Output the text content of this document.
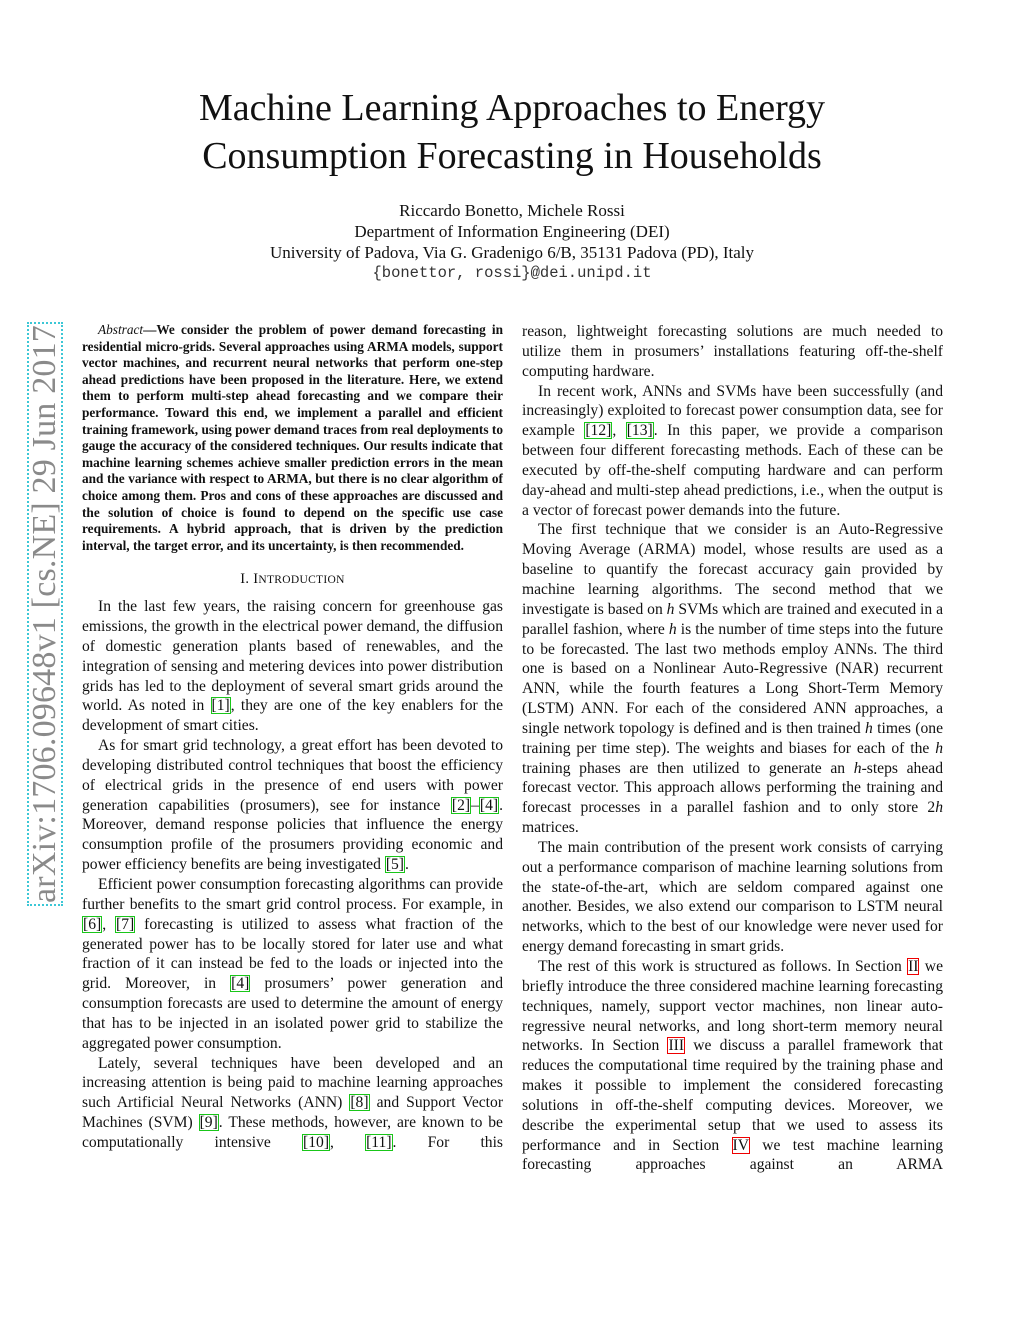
Machine Learning Approaches to Energy
Consumption Forecasting in Households
Riccardo Bonetto, Michele Rossi
Department of Information Engineering (DEI)
University of Padova, Via G. Gradenigo 6/B, 35131 Padova (PD), Italy
{bonettor, rossi}@dei.unipd.it
arXiv:1706.09648v1 [cs.NE] 29 Jun 2017	Abstract—We consider the problem of power demand forecasting in residential micro-grids. Several approaches using ARMA models, support vector machines, and recurrent neural networks that perform one-step ahead predictions have been proposed in the literature. Here, we extend them to perform multi-step ahead forecasting and we compare their performance. Toward this end, we implement a parallel and efficient training framework, using power demand traces from real deployments to gauge the accuracy of the considered techniques. Our results indicate that machine learning schemes achieve smaller prediction errors in the mean and the variance with respect to ARMA, but there is no clear algorithm of choice among them. Pros and cons of these approaches are discussed and the solution of choice is found to depend on the specific use case requirements. A hybrid approach, that is driven by the prediction interval, the target error, and its uncertainty, is then recommended.

I. INTRODUCTION

In the last few years, the raising concern for greenhouse gas emissions, the growth in the electrical power demand, the diffusion of domestic generation plants based of renewables, and the integration of sensing and metering devices into power distribution grids has led to the deployment of several smart grids around the world. As noted in [1], they are one of the key enablers for the development of smart cities.

As for smart grid technology, a great effort has been devoted to developing distributed control techniques that boost the efficiency of electrical grids in the presence of end users with power generation capabilities (prosumers), see for instance [2]–[4]. Moreover, demand response policies that influence the energy consumption profile of the prosumers providing economic and power efficiency benefits are being investigated [5].

Efficient power consumption forecasting algorithms can provide further benefits to the smart grid control process. For example, in [6], [7] forecasting is utilized to assess what fraction of the generated power has to be locally stored for later use and what fraction of it can instead be fed to the loads or injected into the grid. Moreover, in [4] prosumers’ power generation and consumption forecasts are used to determine the amount of energy that has to be injected in an isolated power grid to stabilize the aggregated power consumption.

Lately, several techniques have been developed and an increasing attention is being paid to machine learning approaches such Artificial Neural Networks (ANN) [8] and Support Vector Machines (SVM) [9]. These methods, however, are known to be computationally intensive [10], [11]. For this

reason, lightweight forecasting solutions are much needed to utilize them in prosumers’ installations featuring off-the-shelf computing hardware.

In recent work, ANNs and SVMs have been successfully (and increasingly) exploited to forecast power consumption data, see for example [12], [13]. In this paper, we provide a comparison between four different forecasting methods. Each of these can be executed by off-the-shelf computing hardware and can perform day-ahead and multi-step ahead predictions, i.e., when the output is a vector of forecast power demands into the future.

The first technique that we consider is an Auto-Regressive Moving Average (ARMA) model, whose results are used as a baseline to quantify the forecast accuracy gain provided by machine learning algorithms. The second method that we investigate is based on h SVMs which are trained and executed in a parallel fashion, where h is the number of time steps into the future to be forecasted. The last two methods employ ANNs. The third one is based on a Nonlinear Auto-Regressive (NAR) recurrent ANN, while the fourth features a Long Short-Term Memory (LSTM) ANN. For each of the considered ANN approaches, a single network topology is defined and is then trained h times (one training per time step). The weights and biases for each of the h training phases are then utilized to generate an h-steps ahead forecast vector. This approach allows performing the training and forecast processes in a parallel fashion and to only store 2h matrices.

The main contribution of the present work consists of carrying out a performance comparison of machine learning solutions from the state-of-the-art, which are seldom compared against one another. Besides, we also extend our comparison to LSTM neural networks, which to the best of our knowledge were never used for energy demand forecasting in smart grids.

The rest of this work is structured as follows. In Section II we briefly introduce the three considered machine learning forecasting techniques, namely, support vector machines, non linear auto-regressive neural networks, and long short-term memory neural networks. In Section III we discuss a parallel framework that reduces the computational time required by the training phase and makes it possible to implement the considered forecasting solutions in off-the-shelf computing devices. Moreover, we describe the experimental setup that we used to assess its performance and in Section IV we test machine learning forecasting approaches against an ARMA
